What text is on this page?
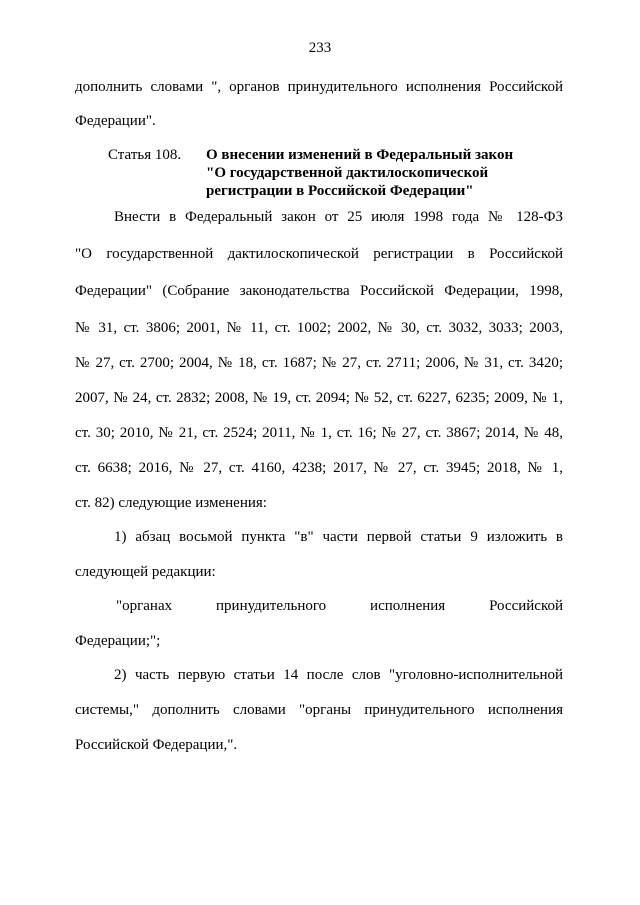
233
дополнить словами ", органов принудительного исполнения Российской
Федерации".
Статья 108. О внесении изменений в Федеральный закон
"О государственной дактилоскопической
регистрации в Российской Федерации"
Внести в Федеральный закон от 25 июля 1998 года № 128-ФЗ
"О государственной дактилоскопической регистрации в Российской
Федерации" (Собрание законодательства Российской Федерации, 1998,
№ 31, ст. 3806; 2001, № 11, ст. 1002; 2002, № 30, ст. 3032, 3033; 2003,
№ 27, ст. 2700; 2004, № 18, ст. 1687; № 27, ст. 2711; 2006, № 31, ст. 3420;
2007, № 24, ст. 2832; 2008, № 19, ст. 2094; № 52, ст. 6227, 6235; 2009, № 1,
ст. 30; 2010, № 21, ст. 2524; 2011, № 1, ст. 16; № 27, ст. 3867; 2014, № 48,
ст. 6638; 2016, № 27, ст. 4160, 4238; 2017, № 27, ст. 3945; 2018, № 1,
ст. 82) следующие изменения:
1) абзац восьмой пункта "в" части первой статьи 9 изложить в
следующей редакции:
"органах принудительного исполнения Российской
Федерации;";
2) часть первую статьи 14 после слов "уголовно-исполнительной
системы," дополнить словами "органы принудительного исполнения
Российской Федерации,".
